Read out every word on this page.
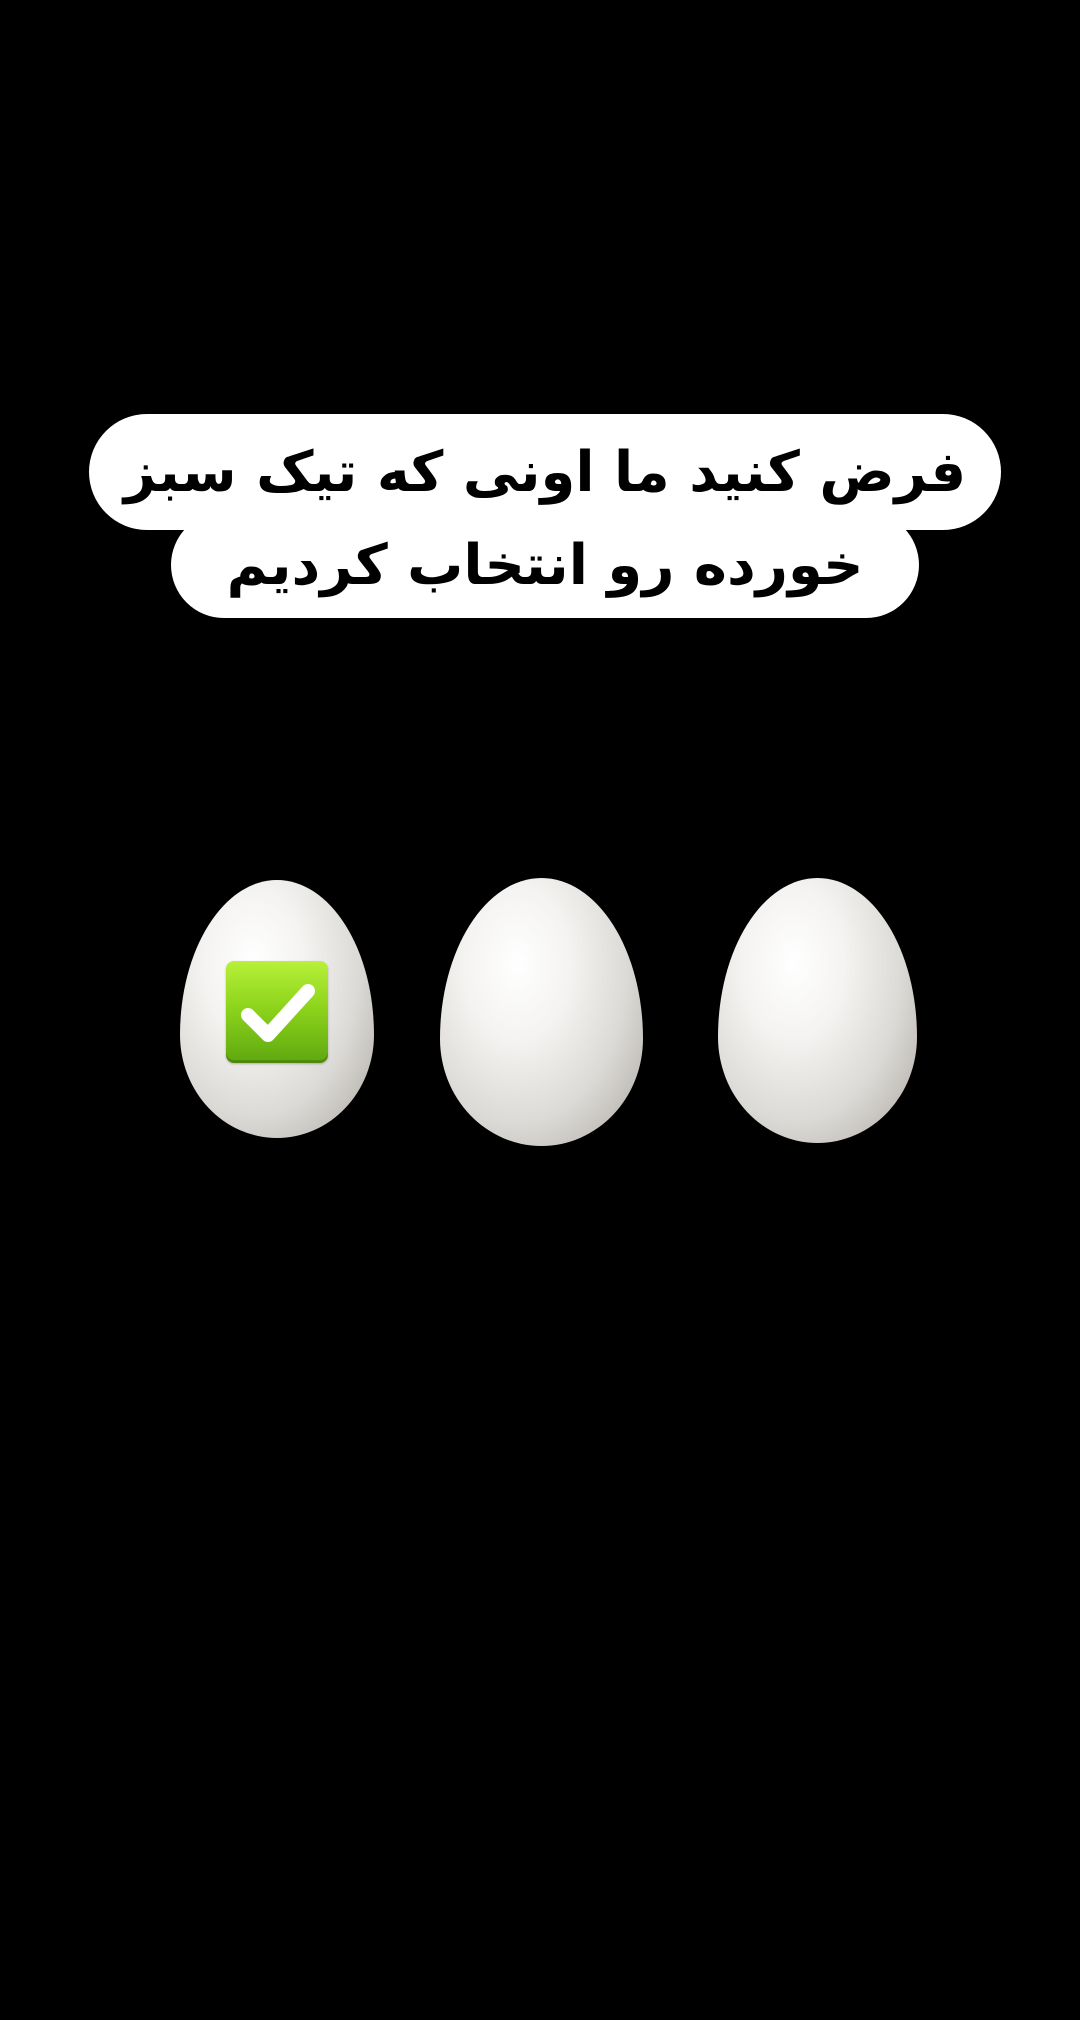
فرض کنید ما اونی که تیک سبز
خورده رو انتخاب کردیم
